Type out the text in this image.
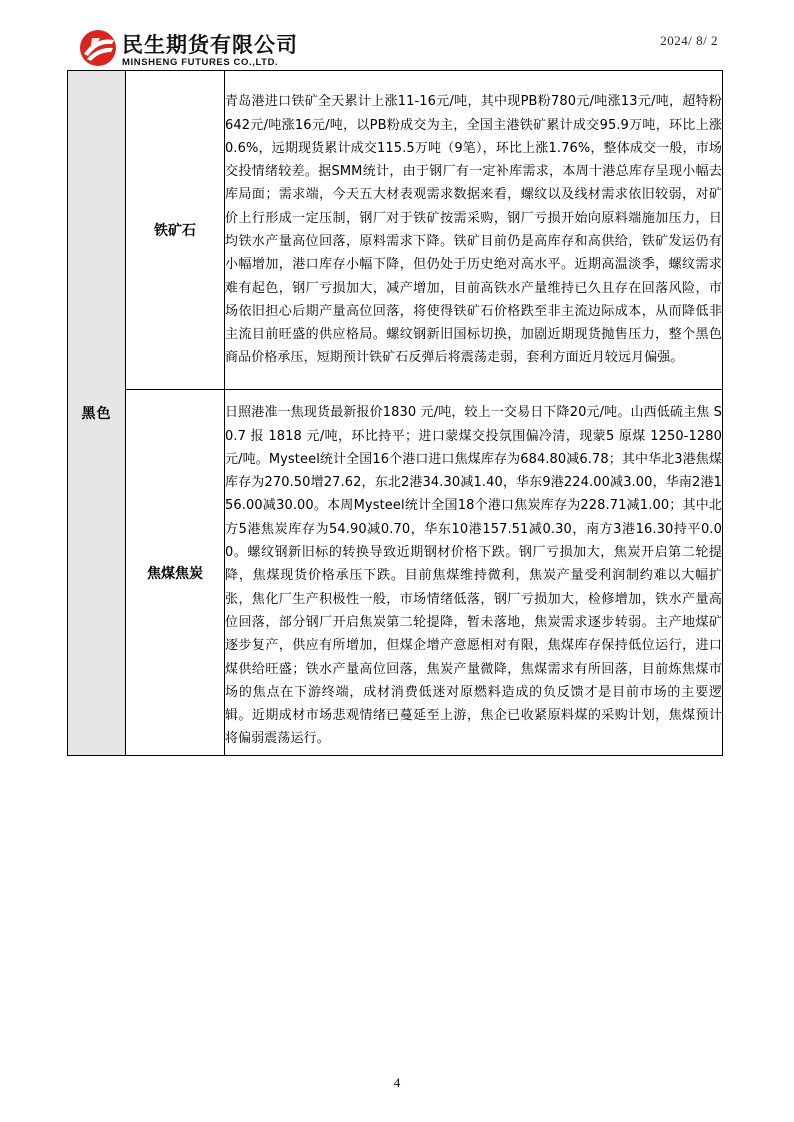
民生期货有限公司
MINSHENG FUTURES CO.,LTD.
2024/ 8/ 2
黑色	铁矿石	青岛港进口铁矿全天累计上涨11-16元/吨，其中现PB粉780元/吨涨13元/吨，超特粉642元/吨涨16元/吨，以PB粉成交为主，全国主港铁矿累计成交95.9万吨，环比上涨0.6%，远期现货累计成交115.5万吨（9笔），环比上涨1.76%，整体成交一般，市场交投情绪较差。据SMM统计，由于钢厂有一定补库需求，本周十港总库存呈现小幅去库局面；需求端，今天五大材表观需求数据来看，螺纹以及线材需求依旧较弱，对矿价上行形成一定压制，钢厂对于铁矿按需采购，钢厂亏损开始向原料端施加压力，日均铁水产量高位回落，原料需求下降。铁矿目前仍是高库存和高供给，铁矿发运仍有小幅增加，港口库存小幅下降，但仍处于历史绝对高水平。近期高温淡季，螺纹需求难有起色，钢厂亏损加大，减产增加，目前高铁水产量维持已久且存在回落风险，市场依旧担心后期产量高位回落，将使得铁矿石价格跌至非主流边际成本，从而降低非主流目前旺盛的供应格局。螺纹钢新旧国标切换，加剧近期现货抛售压力，整个黑色商品价格承压，短期预计铁矿石反弹后将震荡走弱，套利方面近月较远月偏强。

	焦煤焦炭	日照港准一焦现货最新报价1830 元/吨，较上一交易日下降20元/吨。山西低硫主焦 S0.7 报 1818 元/吨，环比持平；进口蒙煤交投氛围偏冷清，现蒙5 原煤 1250-1280 元/吨。Mysteel统计全国16个港口进口焦煤库存为684.80减6.78；其中华北3港焦煤库存为270.50增27.62，东北2港34.30减1.40，华东9港224.00减3.00，华南2港156.00减30.00。本周Mysteel统计全国18个港口焦炭库存为228.71减1.00；其中北方5港焦炭库存为54.90减0.70，华东10港157.51减0.30，南方3港16.30持平0.00。螺纹钢新旧标的转换导致近期钢材价格下跌。钢厂亏损加大，焦炭开启第二轮提降，焦煤现货价格承压下跌。目前焦煤维持微利，焦炭产量受利润制约难以大幅扩张，焦化厂生产积极性一般，市场情绪低落，钢厂亏损加大，检修增加，铁水产量高位回落，部分钢厂开启焦炭第二轮提降，暂未落地，焦炭需求逐步转弱。主产地煤矿逐步复产，供应有所增加，但煤企增产意愿相对有限，焦煤库存保持低位运行，进口煤供给旺盛；铁水产量高位回落，焦炭产量微降，焦煤需求有所回落，目前炼焦煤市场的焦点在下游终端，成材消费低迷对原燃料造成的负反馈才是目前市场的主要逻辑。近期成材市场悲观情绪已蔓延至上游，焦企已收紧原料煤的采购计划，焦煤预计将偏弱震荡运行。
4
